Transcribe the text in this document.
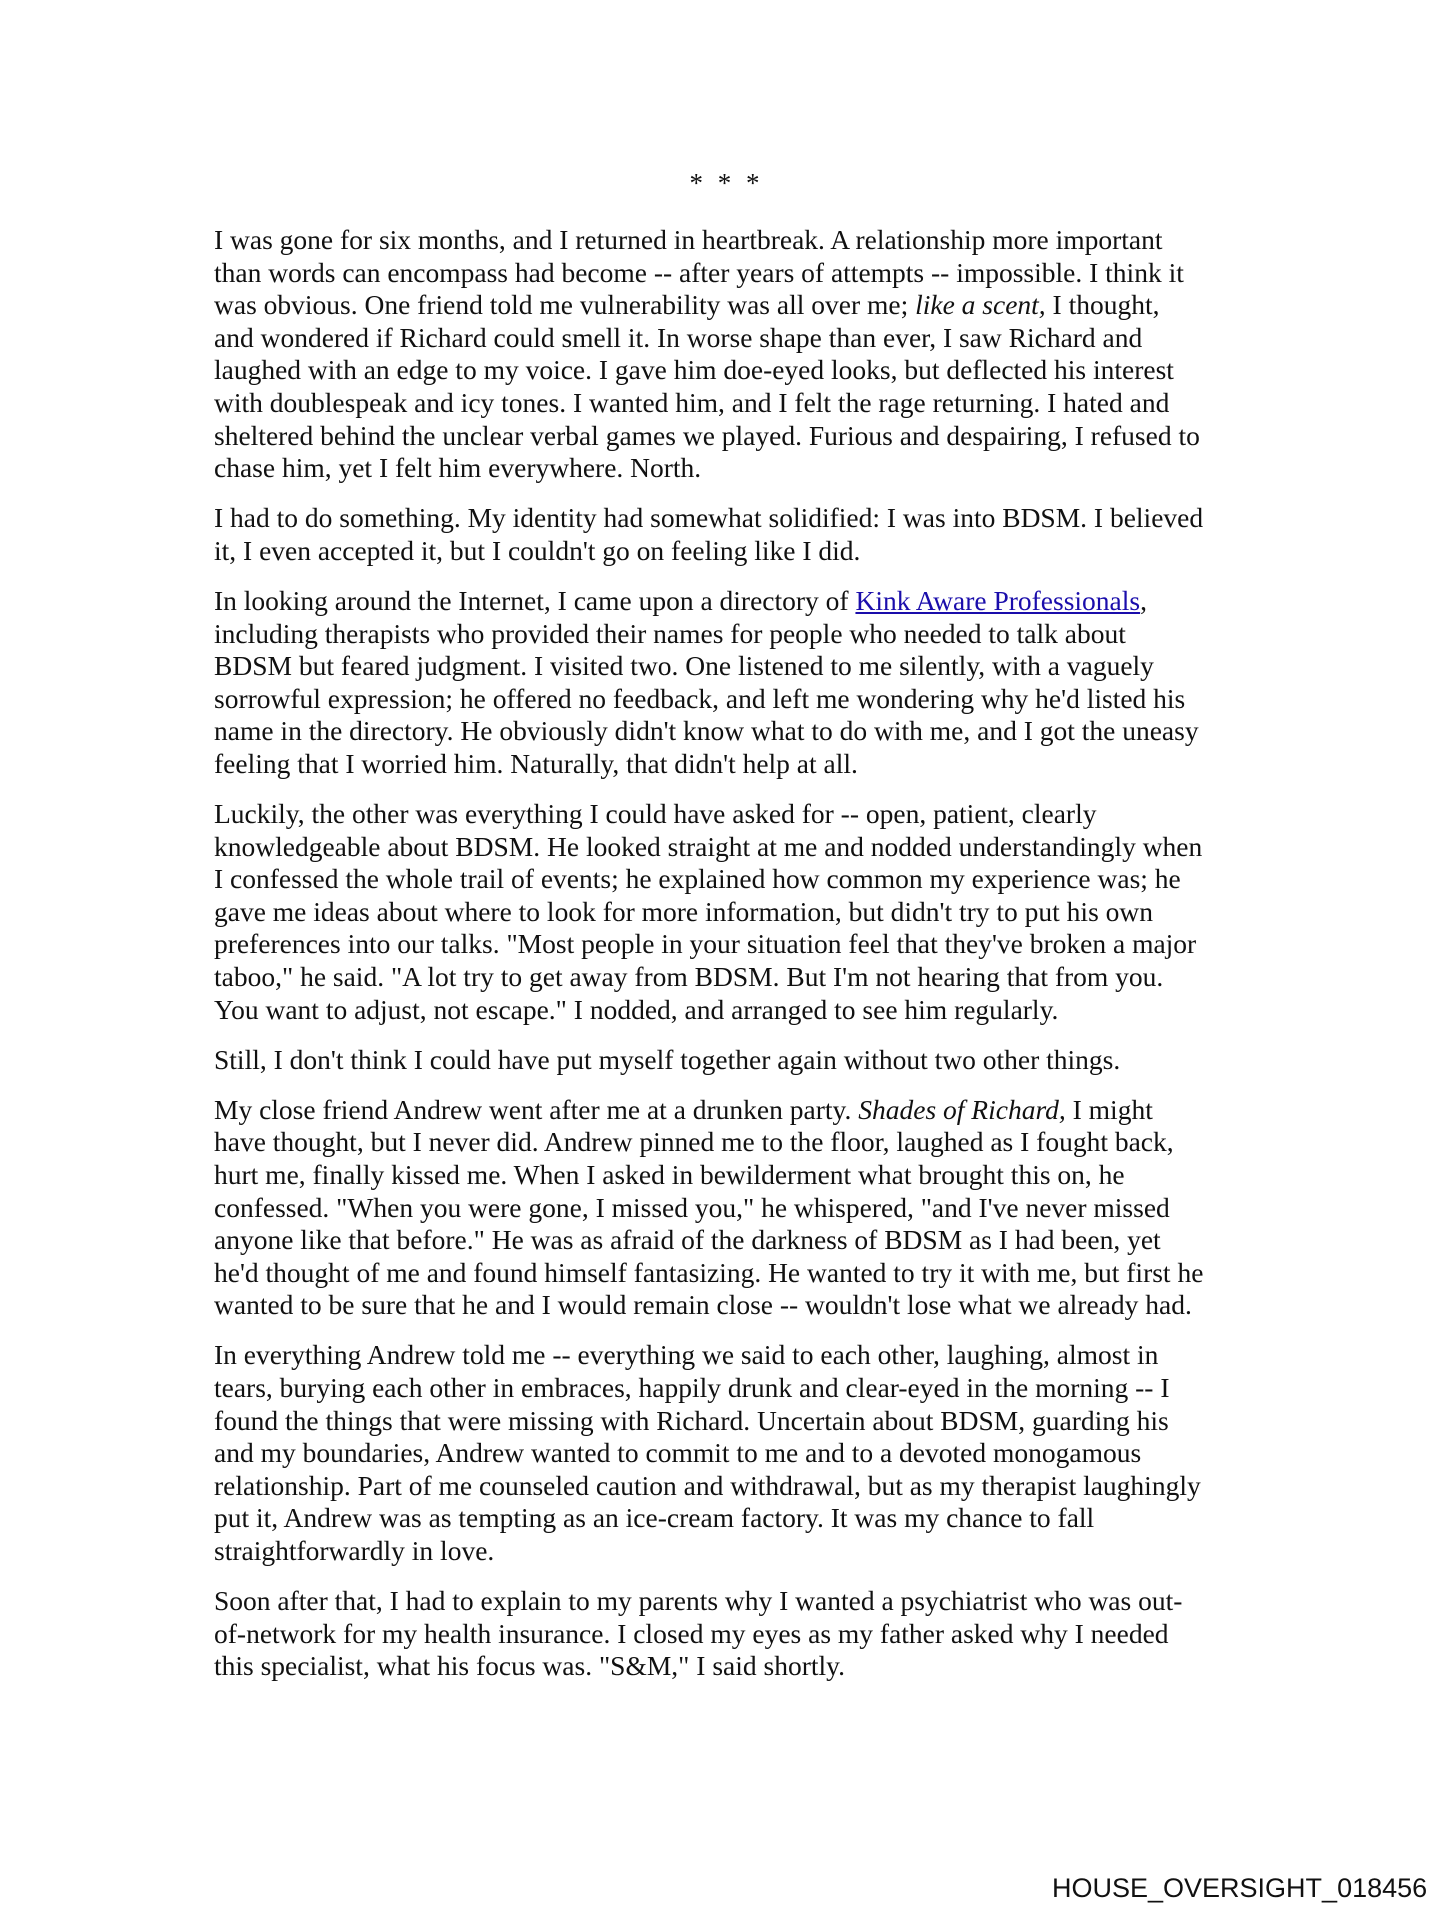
* * *
I was gone for six months, and I returned in heartbreak. A relationship more important
than words can encompass had become -- after years of attempts -- impossible. I think it
was obvious. One friend told me vulnerability was all over me; like a scent, I thought,
and wondered if Richard could smell it. In worse shape than ever, I saw Richard and
laughed with an edge to my voice. I gave him doe-eyed looks, but deflected his interest
with doublespeak and icy tones. I wanted him, and I felt the rage returning. I hated and
sheltered behind the unclear verbal games we played. Furious and despairing, I refused to
chase him, yet I felt him everywhere. North.
I had to do something. My identity had somewhat solidified: I was into BDSM. I believed
it, I even accepted it, but I couldn't go on feeling like I did.
In looking around the Internet, I came upon a directory of Kink Aware Professionals,
including therapists who provided their names for people who needed to talk about
BDSM but feared judgment. I visited two. One listened to me silently, with a vaguely
sorrowful expression; he offered no feedback, and left me wondering why he'd listed his
name in the directory. He obviously didn't know what to do with me, and I got the uneasy
feeling that I worried him. Naturally, that didn't help at all.
Luckily, the other was everything I could have asked for -- open, patient, clearly
knowledgeable about BDSM. He looked straight at me and nodded understandingly when
I confessed the whole trail of events; he explained how common my experience was; he
gave me ideas about where to look for more information, but didn't try to put his own
preferences into our talks. "Most people in your situation feel that they've broken a major
taboo," he said. "A lot try to get away from BDSM. But I'm not hearing that from you.
You want to adjust, not escape." I nodded, and arranged to see him regularly.
Still, I don't think I could have put myself together again without two other things.
My close friend Andrew went after me at a drunken party. Shades of Richard, I might
have thought, but I never did. Andrew pinned me to the floor, laughed as I fought back,
hurt me, finally kissed me. When I asked in bewilderment what brought this on, he
confessed. "When you were gone, I missed you," he whispered, "and I've never missed
anyone like that before." He was as afraid of the darkness of BDSM as I had been, yet
he'd thought of me and found himself fantasizing. He wanted to try it with me, but first he
wanted to be sure that he and I would remain close -- wouldn't lose what we already had.
In everything Andrew told me -- everything we said to each other, laughing, almost in
tears, burying each other in embraces, happily drunk and clear-eyed in the morning -- I
found the things that were missing with Richard. Uncertain about BDSM, guarding his
and my boundaries, Andrew wanted to commit to me and to a devoted monogamous
relationship. Part of me counseled caution and withdrawal, but as my therapist laughingly
put it, Andrew was as tempting as an ice-cream factory. It was my chance to fall
straightforwardly in love.
Soon after that, I had to explain to my parents why I wanted a psychiatrist who was out-
of-network for my health insurance. I closed my eyes as my father asked why I needed
this specialist, what his focus was. "S&M," I said shortly.
HOUSE_OVERSIGHT_018456
